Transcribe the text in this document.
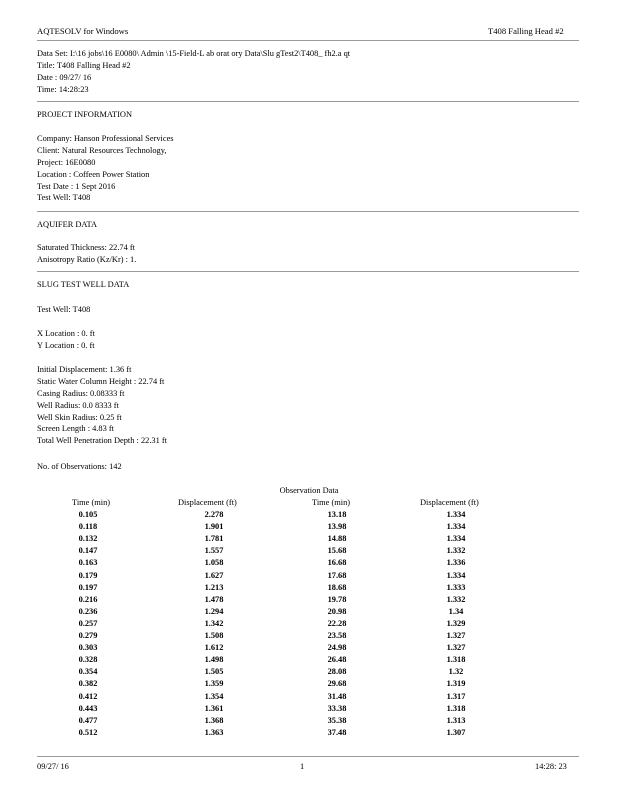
AQTESOLV for Windows	T408 Falling Head #2
Data Set: I:\16 jobs\16 E0080\ Admin \15-Field-L ab orat ory Data\Slu gTest2\T408_ fh2.a qt
Title: T408 Falling Head #2
Date : 09/27/ 16
Time: 14:28:23
PROJECT INFORMATION
Company: Hanson Professional Services
Client: Natural Resources Technology,
Project: 16E0080
Location : Coffeen Power Station
Test Date : 1 Sept 2016
Test Well: T408
AQUIFER DATA
Saturated Thickness: 22.74 ft
Anisotropy Ratio (Kz/Kr) : 1.
SLUG TEST WELL DATA
Test Well: T408
X Location : 0. ft
Y Location : 0. ft
Initial Displacement: 1.36 ft
Static Water Column Height : 22.74 ft
Casing Radius: 0.08333 ft
Well Radius: 0.0 8333 ft
Well Skin Radius: 0.25 ft
Screen Length : 4.83 ft
Total Well Penetration Depth : 22.31 ft
No. of Observations: 142
Observation Data
Time (min)	Displacement (ft)	Time (min)	Displacement (ft)
0.105	2.278	13.18	1.334
0.118	1.901	13.98	1.334
0.132	1.781	14.88	1.334
0.147	1.557	15.68	1.332
0.163	1.058	16.68	1.336
0.179	1.627	17.68	1.334
0.197	1.213	18.68	1.333
0.216	1.478	19.78	1.332
0.236	1.294	20.98	1.34
0.257	1.342	22.28	1.329
0.279	1.508	23.58	1.327
0.303	1.612	24.98	1.327
0.328	1.498	26.48	1.318
0.354	1.505	28.08	1.32
0.382	1.359	29.68	1.319
0.412	1.354	31.48	1.317
0.443	1.361	33.38	1.318
0.477	1.368	35.38	1.313
0.512	1.363	37.48	1.307
09/27/ 16	1	14:28: 23
